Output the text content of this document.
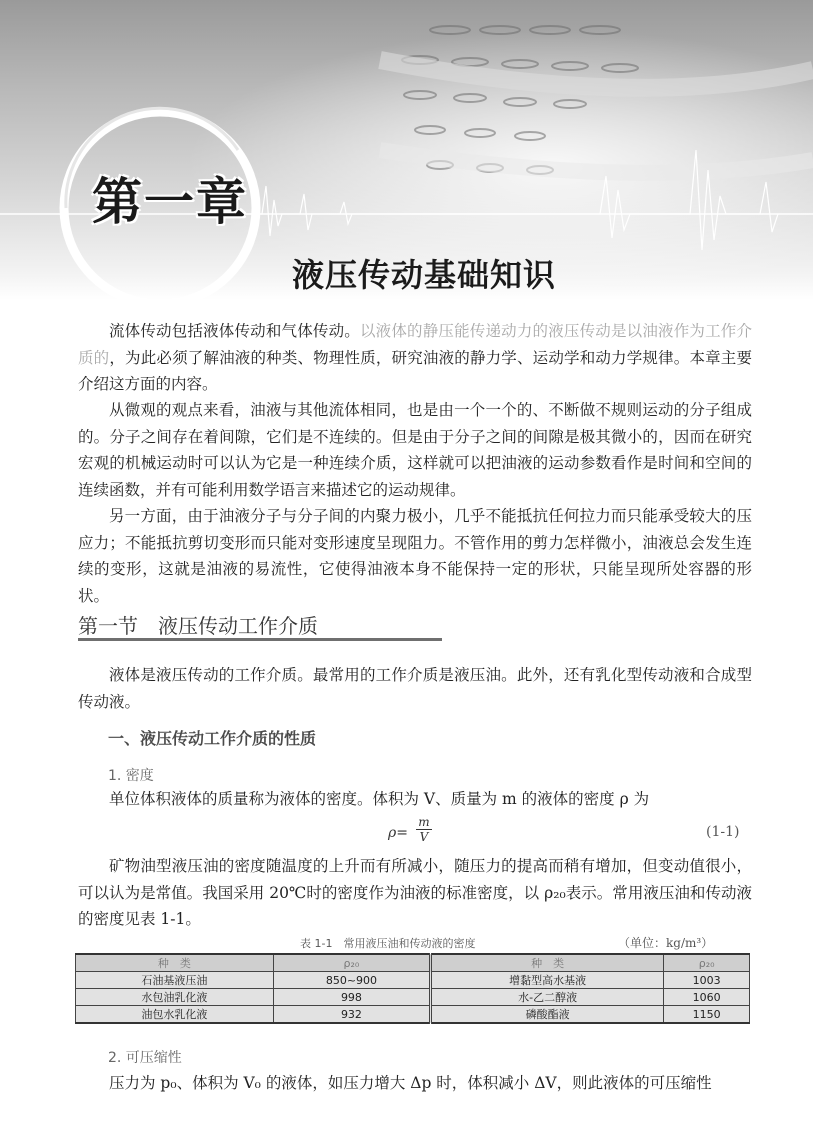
第一章
液压传动基础知识

流体传动包括液体传动和气体传动。以液体的静压能传递动力的液压传动是以油液作为工作介质的，为此必须了解油液的种类、物理性质，研究油液的静力学、运动学和动力学规律。本章主要介绍这方面的内容。

从微观的观点来看，油液与其他流体相同，也是由一个一个的、不断做不规则运动的分子组成的。分子之间存在着间隙，它们是不连续的。但是由于分子之间的间隙是极其微小的，因而在研究宏观的机械运动时可以认为它是一种连续介质，这样就可以把油液的运动参数看作是时间和空间的连续函数，并有可能利用数学语言来描述它的运动规律。

另一方面，由于油液分子与分子间的内聚力极小，几乎不能抵抗任何拉力而只能承受较大的压应力；不能抵抗剪切变形而只能对变形速度呈现阻力。不管作用的剪力怎样微小，油液总会发生连续的变形，这就是油液的易流性，它使得油液本身不能保持一定的形状，只能呈现所处容器的形状。

第一节　液压传动工作介质

液体是液压传动的工作介质。最常用的工作介质是液压油。此外，还有乳化型传动液和合成型传动液。

一、液压传动工作介质的性质
1. 密度

单位体积液体的质量称为液体的密度。体积为 V、质量为 m 的液体的密度 ρ 为

$\rho= \frac{m}{V}$	(1-1)

矿物油型液压油的密度随温度的上升而有所减小，随压力的提高而稍有增加，但变动值很小，可以认为是常值。我国采用 20℃时的密度作为油液的标准密度，以 ρ₂₀表示。常用液压油和传动液的密度见表 1-1。

表 1-1　常用液压油和传动液的密度	（单位：kg/m³）
种　类	ρ₂₀	种　类	ρ₂₀
石油基液压油	850~900	增黏型高水基液	1003
水包油乳化液	998	水-乙二醇液	1060
油包水乳化液	932	磷酸酯液	1150
2. 可压缩性

压力为 p₀、体积为 V₀ 的液体，如压力增大 Δp 时，体积减小 ΔV，则此液体的可压缩性
